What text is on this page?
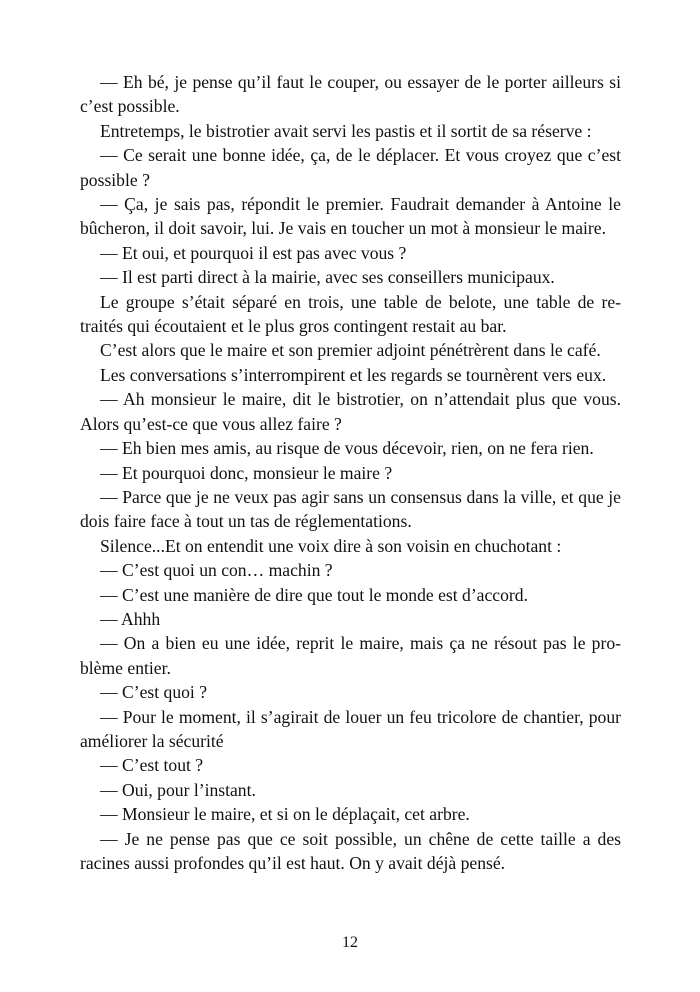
— Eh bé, je pense qu’il faut le couper, ou essayer de le porter ailleurs si c’est possible.

Entretemps, le bistrotier avait servi les pastis et il sortit de sa réserve :

— Ce serait une bonne idée, ça, de le déplacer. Et vous croyez que c’est possible ?

— Ça, je sais pas, répondit le premier. Faudrait demander à Antoine le bûcheron, il doit savoir, lui. Je vais en toucher un mot à monsieur le maire.

— Et oui, et pourquoi il est pas avec vous ?

— Il est parti direct à la mairie, avec ses conseillers municipaux.

Le groupe s’était séparé en trois, une table de belote, une table de retraités qui écoutaient et le plus gros contingent restait au bar.

C’est alors que le maire et son premier adjoint pénétrèrent dans le café.

Les conversations s’interrompirent et les regards se tournèrent vers eux.

— Ah monsieur le maire, dit le bistrotier, on n’attendait plus que vous. Alors qu’est-ce que vous allez faire ?

— Eh bien mes amis, au risque de vous décevoir, rien, on ne fera rien.

— Et pourquoi donc, monsieur le maire ?

— Parce que je ne veux pas agir sans un consensus dans la ville, et que je dois faire face à tout un tas de réglementations.

Silence...Et on entendit une voix dire à son voisin en chuchotant :

— C’est quoi un con… machin ?

— C’est une manière de dire que tout le monde est d’accord.

— Ahhh

— On a bien eu une idée, reprit le maire, mais ça ne résout pas le problème entier.

— C’est quoi ?

— Pour le moment, il s’agirait de louer un feu tricolore de chantier, pour améliorer la sécurité

— C’est tout ?

— Oui, pour l’instant.

— Monsieur le maire, et si on le déplaçait, cet arbre.

— Je ne pense pas que ce soit possible, un chêne de cette taille a des racines aussi profondes qu’il est haut. On y avait déjà pensé.

12
